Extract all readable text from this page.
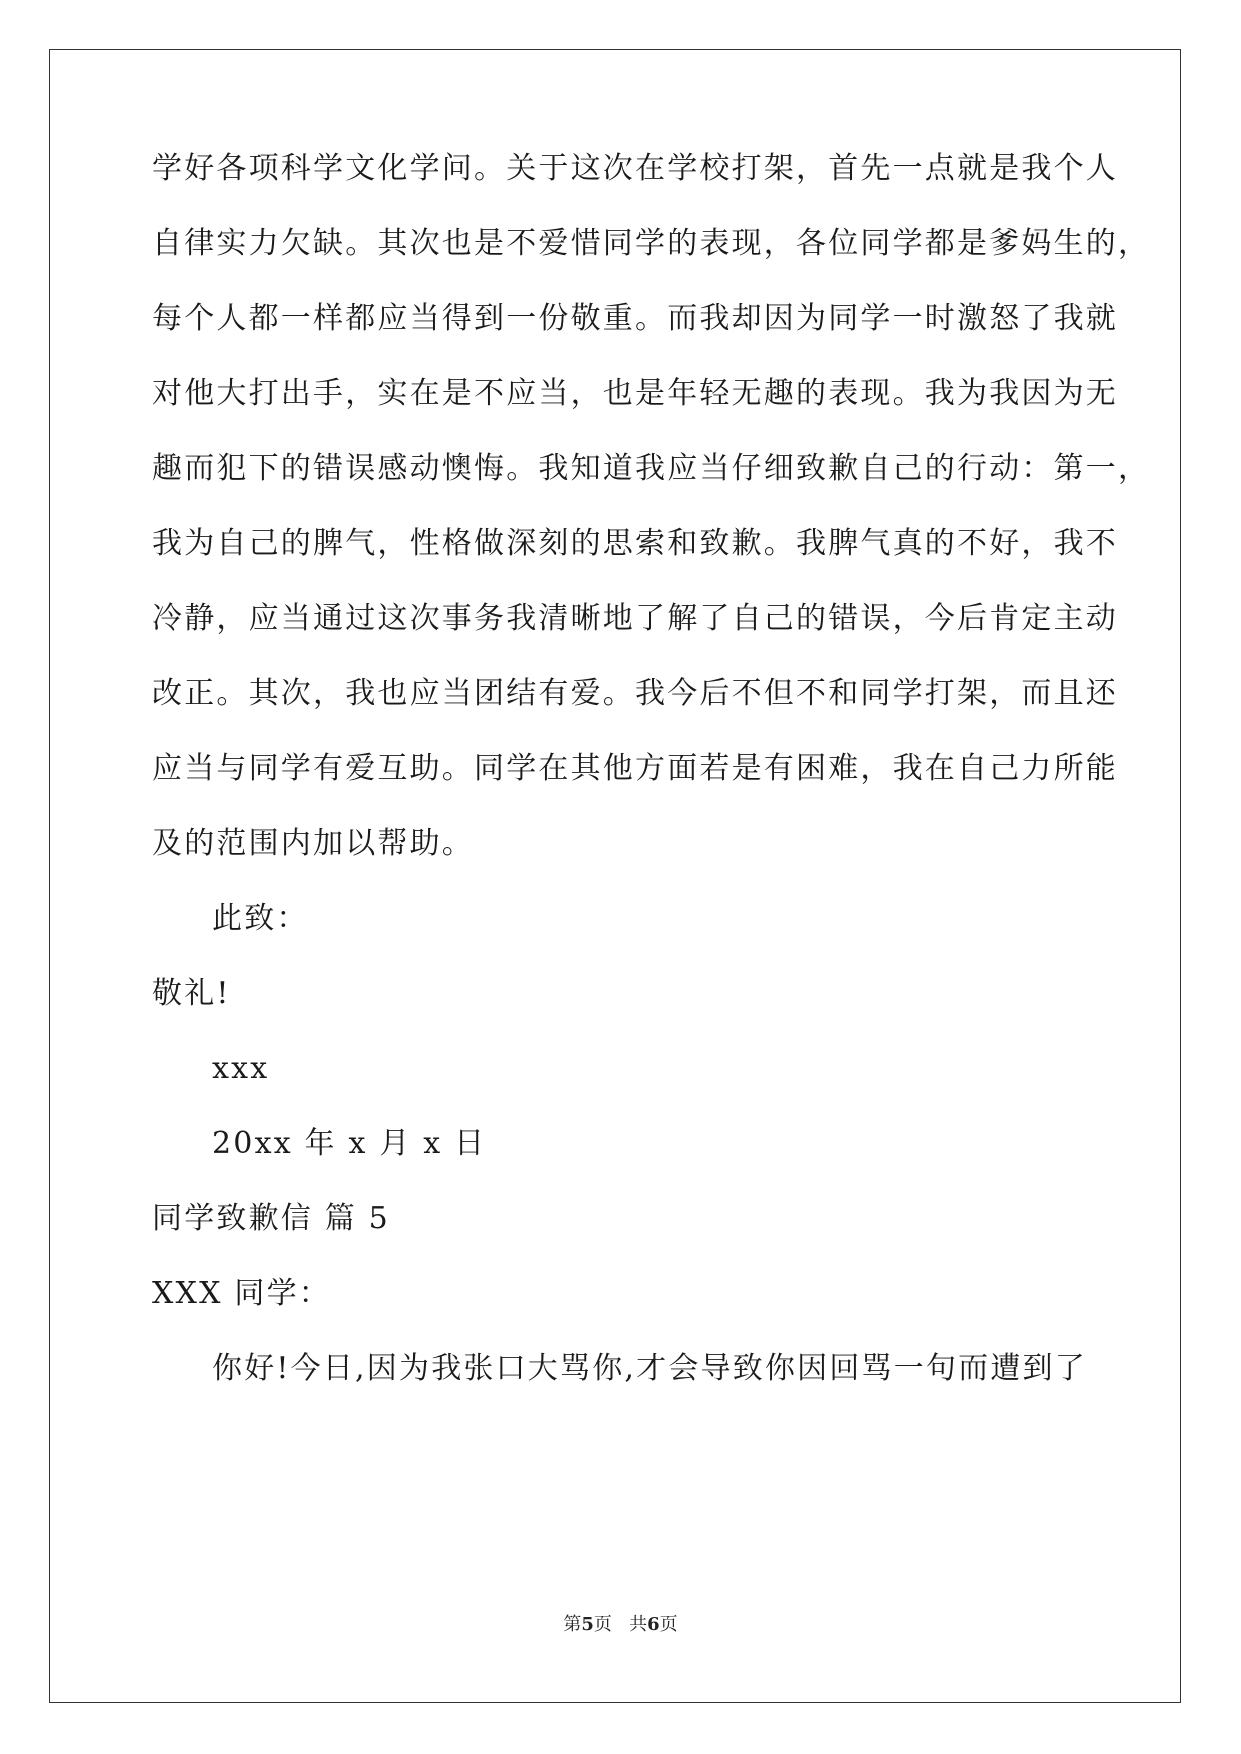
学好各项科学文化学问。关于这次在学校打架，首先一点就是我个人
自律实力欠缺。其次也是不爱惜同学的表现，各位同学都是爹妈生的，
每个人都一样都应当得到一份敬重。而我却因为同学一时激怒了我就
对他大打出手，实在是不应当，也是年轻无趣的表现。我为我因为无
趣而犯下的错误感动懊悔。我知道我应当仔细致歉自己的行动：第一，
我为自己的脾气，性格做深刻的思索和致歉。我脾气真的不好，我不
冷静，应当通过这次事务我清晰地了解了自己的错误，今后肯定主动
改正。其次，我也应当团结有爱。我今后不但不和同学打架，而且还
应当与同学有爱互助。同学在其他方面若是有困难，我在自己力所能
及的范围内加以帮助。
此致：
敬礼!
xxx
20xx 年 x 月 x 日
同学致歉信 篇 5
XXX 同学：
你好!今日,因为我张口大骂你,才会导致你因回骂一句而遭到了
第5页   共6页
